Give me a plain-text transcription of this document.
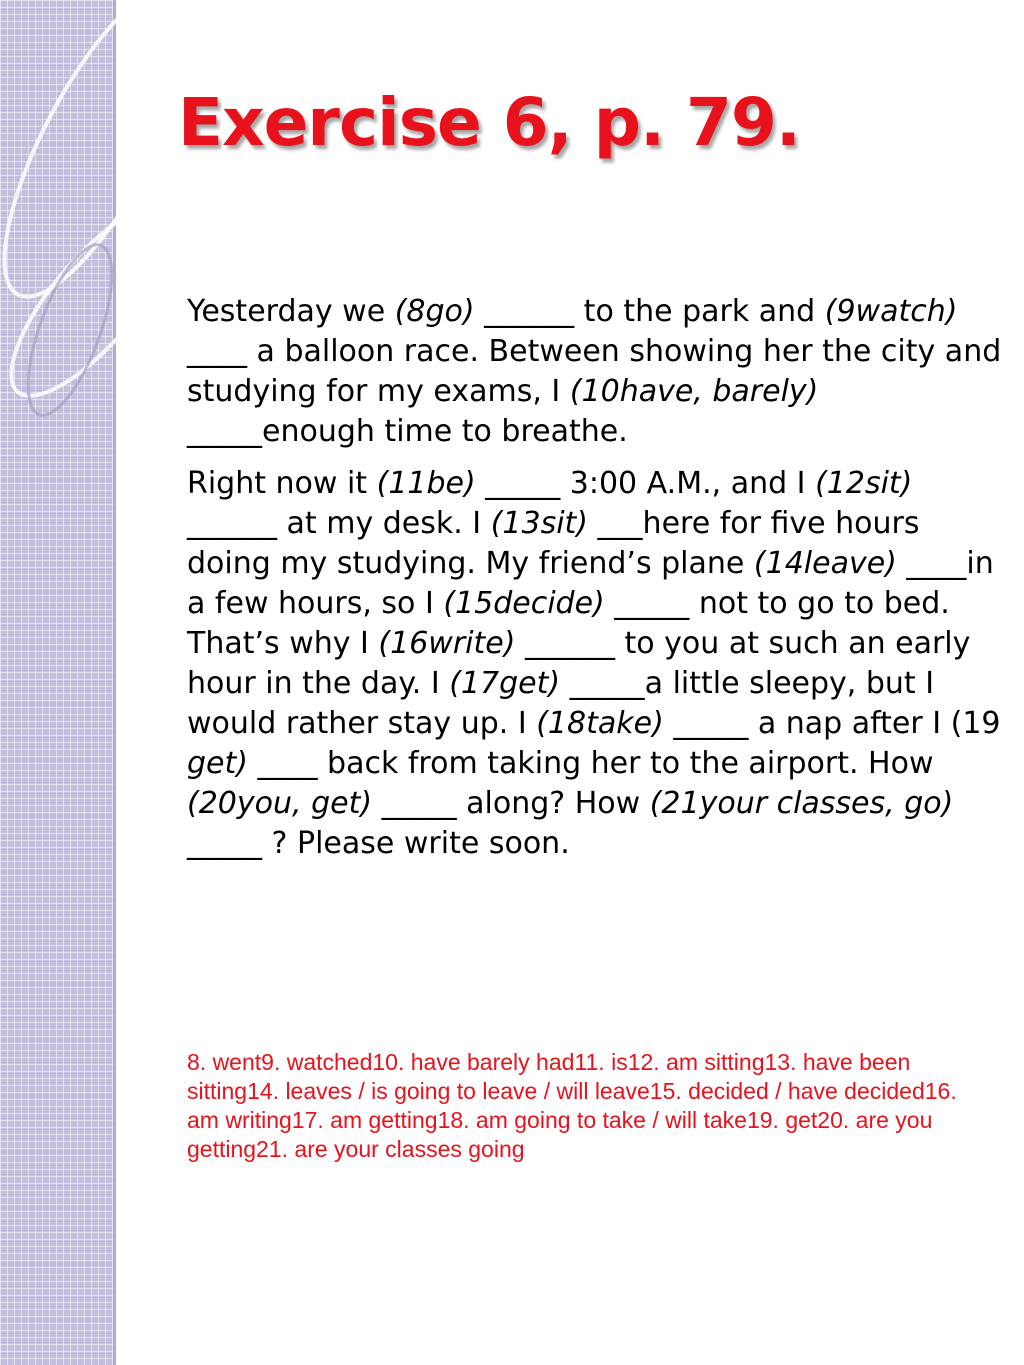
Exercise 6, p. 79.

Yesterday we (8go) ______ to the park and (9watch) ____ a balloon race. Between showing her the city and studying for my exams, I (10have, barely) _____enough time to breathe.

Right now it (11be) _____ 3:00 A.M., and I (12sit) ______ at my desk. I (13sit) ___here for five hours doing my studying. My friend’s plane (14leave) ____in a few hours, so I (15decide) _____ not to go to bed. That’s why I (16write) ______ to you at such an early hour in the day. I (17get) _____a little sleepy, but I would rather stay up. I (18take) _____ a nap after I (19 get) ____ back from taking her to the airport. How (20you, get) _____ along? How (21your classes, go) _____ ? Please write soon.

8. went9. watched10. have barely had11. is12. am sitting13. have been sitting14. leaves / is going to leave / will leave15. decided / have decided16. am writing17. am getting18. am going to take / will take19. get20. are you getting21. are your classes going
